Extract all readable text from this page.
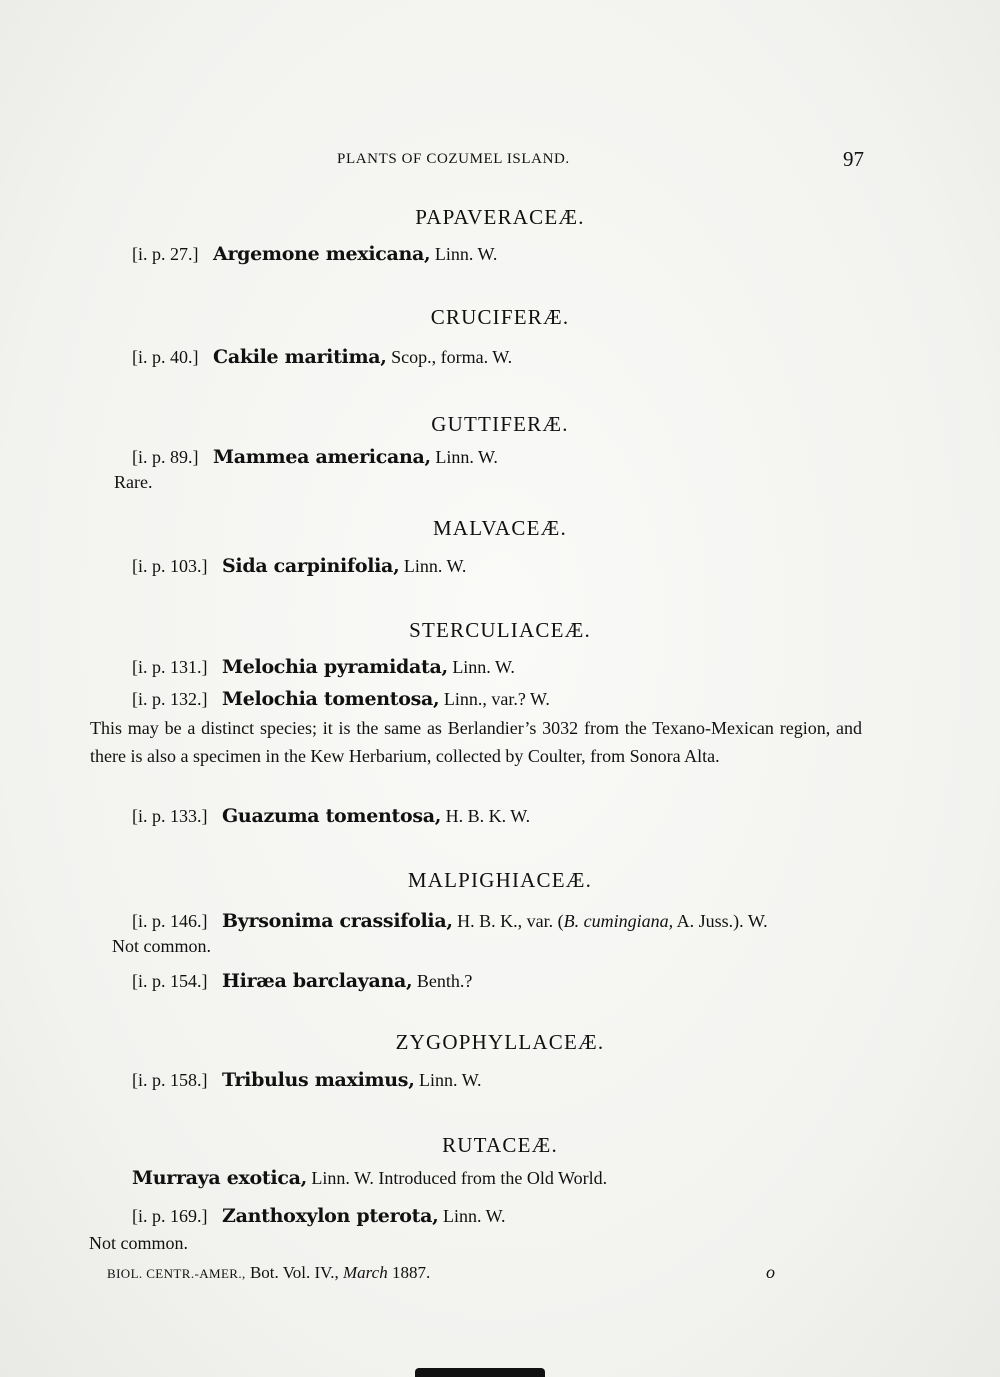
PLANTS OF COZUMEL ISLAND.	97
PAPAVERACEÆ.
[i. p. 27.] Argemone mexicana, Linn. W.
CRUCIFERÆ.
[i. p. 40.] Cakile maritima, Scop., forma. W.
GUTTIFERÆ.
[i. p. 89.] Mammea americana, Linn. W.
Rare.
MALVACEÆ.
[i. p. 103.] Sida carpinifolia, Linn. W.
STERCULIACEÆ.
[i. p. 131.] Melochia pyramidata, Linn. W.
[i. p. 132.] Melochia tomentosa, Linn., var.? W.
This may be a distinct species; it is the same as Berlandier’s 3032 from the Texano-Mexican region, and there is also a specimen in the Kew Herbarium, collected by Coulter, from Sonora Alta.
[i. p. 133.] Guazuma tomentosa, H. B. K. W.
MALPIGHIACEÆ.
[i. p. 146.] Byrsonima crassifolia, H. B. K., var. (B. cumingiana, A. Juss.). W.
Not common.
[i. p. 154.] Hiræa barclayana, Benth.?
ZYGOPHYLLACEÆ.
[i. p. 158.] Tribulus maximus, Linn. W.
RUTACEÆ.
Murraya exotica, Linn. W. Introduced from the Old World.
[i. p. 169.] Zanthoxylon pterota, Linn. W.
Not common.
BIOL. CENTR.-AMER., Bot. Vol. IV., March 1887.	o
